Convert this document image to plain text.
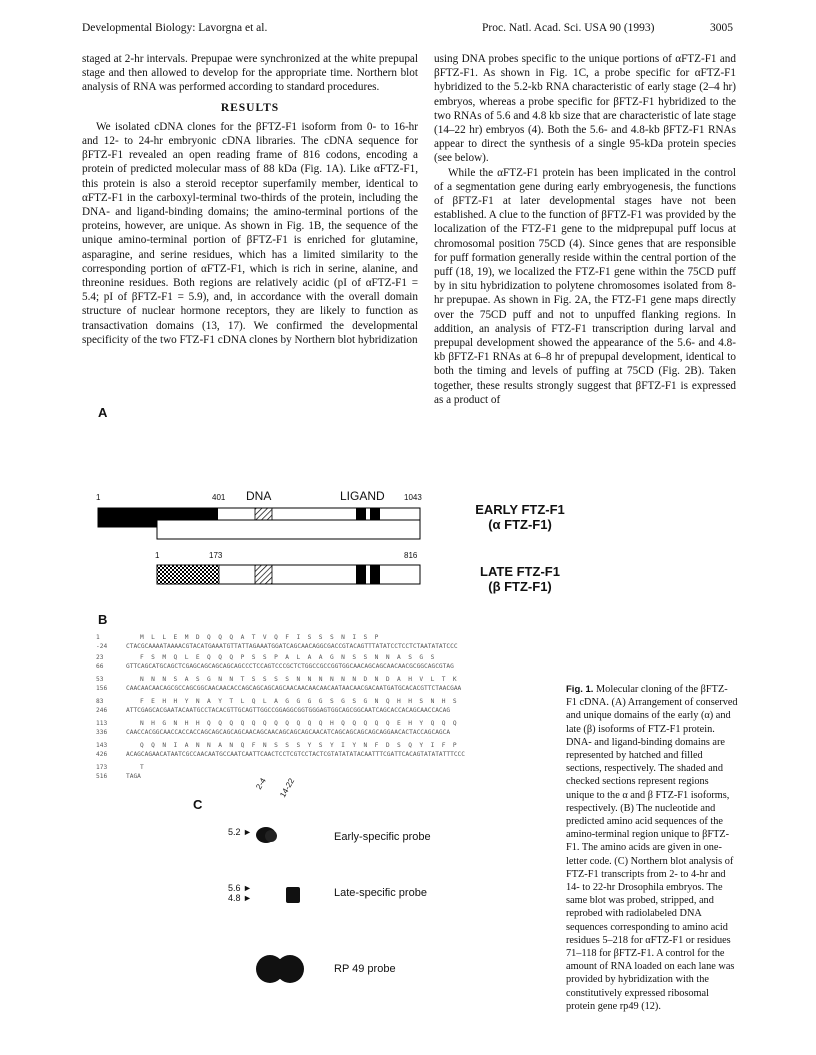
Developmental Biology: Lavorgna et al.	Proc. Natl. Acad. Sci. USA 90 (1993)	3005

staged at 2-hr intervals. Prepupae were synchronized at the white prepupal stage and then allowed to develop for the appropriate time. Northern blot analysis of RNA was performed according to standard procedures.

RESULTS

We isolated cDNA clones for the βFTZ-F1 isoform from 0- to 16-hr and 12- to 24-hr embryonic cDNA libraries. The cDNA sequence for βFTZ-F1 revealed an open reading frame of 816 codons, encoding a protein of predicted molecular mass of 88 kDa (Fig. 1A). Like αFTZ-F1, this protein is also a steroid receptor superfamily member, identical to αFTZ-F1 in the carboxyl-terminal two-thirds of the protein, including the DNA- and ligand-binding domains; the amino-terminal portions of the proteins, however, are unique. As shown in Fig. 1B, the sequence of the unique amino-terminal portion of βFTZ-F1 is enriched for glutamine, asparagine, and serine residues, which has a limited similarity to the corresponding portion of αFTZ-F1, which is rich in serine, alanine, and threonine residues. Both regions are relatively acidic (pI of αFTZ-F1 = 5.4; pI of βFTZ-F1 = 5.9), and, in accordance with the overall domain structure of nuclear hormone receptors, they are likely to function as transactivation domains (13, 17). We confirmed the developmental specificity of the two FTZ-F1 cDNA clones by Northern blot hybridization

using DNA probes specific to the unique portions of αFTZ-F1 and βFTZ-F1. As shown in Fig. 1C, a probe specific for αFTZ-F1 hybridized to the 5.2-kb RNA characteristic of early stage (2–4 hr) embryos, whereas a probe specific for βFTZ-F1 hybridized to the two RNAs of 5.6 and 4.8 kb size that are characteristic of late stage (14–22 hr) embryos (4). Both the 5.6- and 4.8-kb βFTZ-F1 RNAs appear to direct the synthesis of a single 95-kDa protein species (see below).

While the αFTZ-F1 protein has been implicated in the control of a segmentation gene during early embryogenesis, the functions of βFTZ-F1 at later developmental stages have not been established. A clue to the function of βFTZ-F1 was provided by the localization of the FTZ-F1 gene to the midprepupal puff locus at chromosomal position 75CD (4). Since genes that are responsible for puff formation generally reside within the central portion of the puff (18, 19), we localized the FTZ-F1 gene within the 75CD puff by in situ hybridization to polytene chromosomes isolated from 8-hr prepupae. As shown in Fig. 2A, the FTZ-F1 gene maps directly over the 75CD puff and not to unpuffed flanking regions. In addition, an analysis of FTZ-F1 transcription during larval and prepupal development showed the appearance of the 5.6- and 4.8-kb βFTZ-F1 RNAs at 6–8 hr of prepupal development, identical to both the timing and levels of puffing at 75CD (Fig. 2B). Taken together, these results strongly suggest that βFTZ-F1 is expressed as a product of

A
1	401 DNA	LIGAND 1043
EARLY FTZ-F1
(α FTZ-F1)
1	173	816
LATE FTZ-F1
(β FTZ-F1)
B
1	M  L  L  E  M  D  Q  Q  Q  A  T  V  Q  F  I  S  S  S  N  I  S  P
-24	CTACGCAAAATAAAACGTACATGAAATGTTATTAGAAATGGATCAGCAACAGGCGACCGTACAGTTTATATCCTCCTCTAATATATCCC
23	F  S  M  Q  L  E  Q  Q  Q  P  S  S  P  A  L  A  A  G  N  S  S  N  N  A  S  G  S
66	GTTCAGCATGCAGCTCGAGCAGCAGCAGCAGCCCTCCAGTCCCGCTCTGGCCGCCGGTGGCAACAGCAGCAACAACGCGGCAGCGTAG
53	N  N  N  S  A  S  G  N  N  T  S  S  S  S  N  N  N  N  N  N  D  N  D  A  H  V  L  T  K
156	CAACAACAACAGCGCCAGCGGCAACAACACCAGCAGCAGCAGCAACAACAACAACAATAACAACGACAATGATGCACACGTTCTAACGAA
83	F  E  H  H  Y  N  A  Y  T  L  Q  L  A  G  G  G  G  S  G  S  G  N  Q  H  H  S  N  H  S
246	ATTCGAGCACGAATACAATGCCTACACGTTGCAGTTGGCCGGAGGCGGTGGGAGTGGCAGCGGCAATCAGCACCACAGCAACCACAG
113	N  H  G  N  H  H  Q  Q  Q  Q  Q  Q  Q  Q  Q  Q  Q  H  Q  Q  Q  Q  Q  E  H  Y  Q  Q  Q
336	CAACCACGGCAACCACCACCAGCAGCAGCAGCAACAGCAACAGCAGCAGCAACATCAGCAGCAGCAGCAGGAACACTACCAGCAGCA
143	Q  Q  N  I  A  N  N  A  N  Q  F  N  S  S  S  Y  S  Y  I  Y  N  F  D  S  Q  Y  I  F  P
426	ACAGCAGAACATAATCGCCAACAATGCCAATCAATTCAACTCCTCGTCCTACTCGTATATATACAATTTCGATTCACAGTATATATTTCCC
173	T
516	TAGA
C
2-4 14-22
5.2 ►
5.6 ►
4.8 ►
Early-specific probe
Late-specific probe
RP 49 probe

Fig. 1. Molecular cloning of the βFTZ-F1 cDNA. (A) Arrangement of conserved and unique domains of the early (α) and late (β) isoforms of FTZ-F1 protein. DNA- and ligand-binding domains are represented by hatched and filled sections, respectively. The shaded and checked sections represent regions unique to the α and β FTZ-F1 isoforms, respectively. (B) The nucleotide and predicted amino acid sequences of the amino-terminal region unique to βFTZ-F1. The amino acids are given in one-letter code. (C) Northern blot analysis of FTZ-F1 transcripts from 2- to 4-hr and 14- to 22-hr Drosophila embryos. The same blot was probed, stripped, and reprobed with radiolabeled DNA sequences corresponding to amino acid residues 5–218 for αFTZ-F1 or residues 71–118 for βFTZ-F1. A control for the amount of RNA loaded on each lane was provided by hybridization with the constitutively expressed ribosomal protein gene rp49 (12).
